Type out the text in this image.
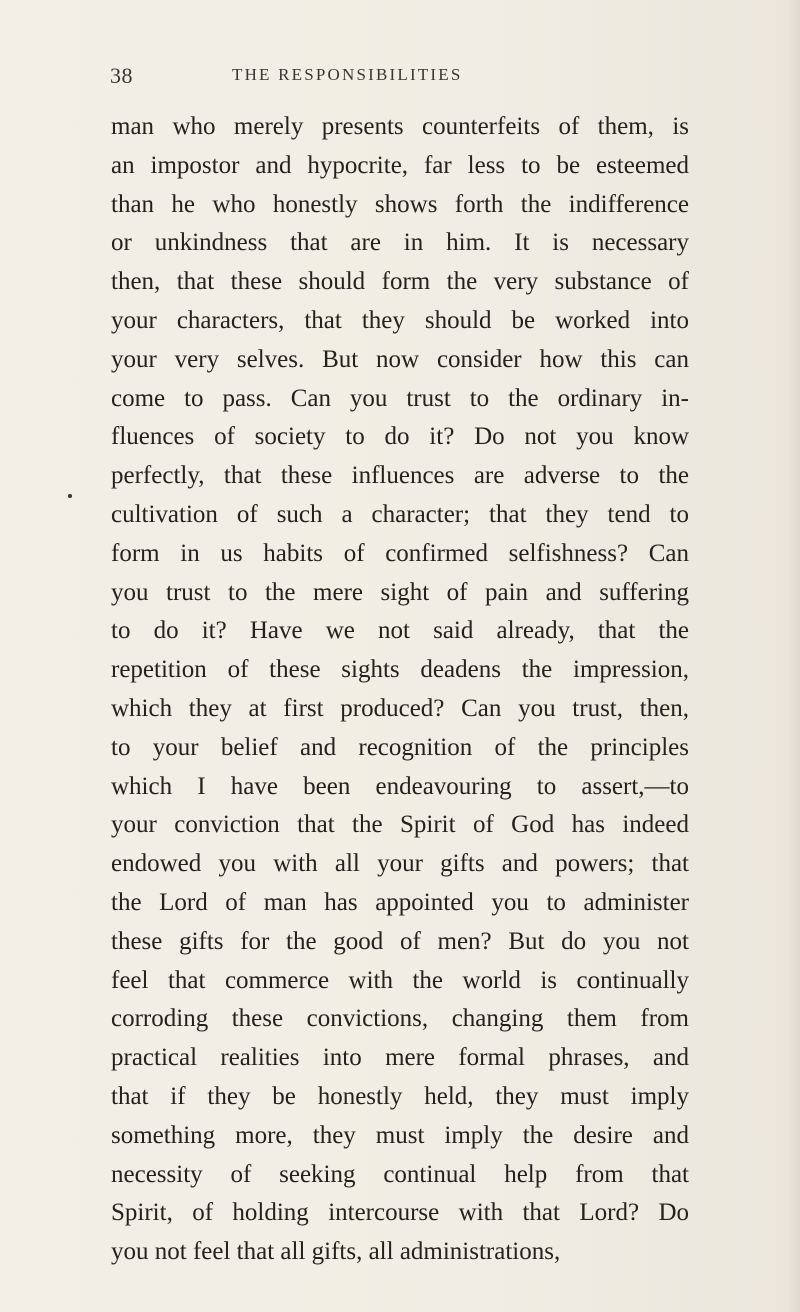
38	THE RESPONSIBILITIES
man who merely presents counterfeits of them, is
an impostor and hypocrite, far less to be esteemed
than he who honestly shows forth the indifference
or unkindness that are in him. It is necessary
then, that these should form the very substance of
your characters, that they should be worked into
your very selves. But now consider how this can
come to pass. Can you trust to the ordinary in-
fluences of society to do it? Do not you know
perfectly, that these influences are adverse to the
cultivation of such a character; that they tend to
form in us habits of confirmed selfishness? Can
you trust to the mere sight of pain and suffering
to do it? Have we not said already, that the
repetition of these sights deadens the impression,
which they at first produced? Can you trust, then,
to your belief and recognition of the principles
which I have been endeavouring to assert,—to
your conviction that the Spirit of God has indeed
endowed you with all your gifts and powers; that
the Lord of man has appointed you to administer
these gifts for the good of men? But do you not
feel that commerce with the world is continually
corroding these convictions, changing them from
practical realities into mere formal phrases, and
that if they be honestly held, they must imply
something more, they must imply the desire and
necessity of seeking continual help from that
Spirit, of holding intercourse with that Lord? Do
you not feel that all gifts, all administrations,
